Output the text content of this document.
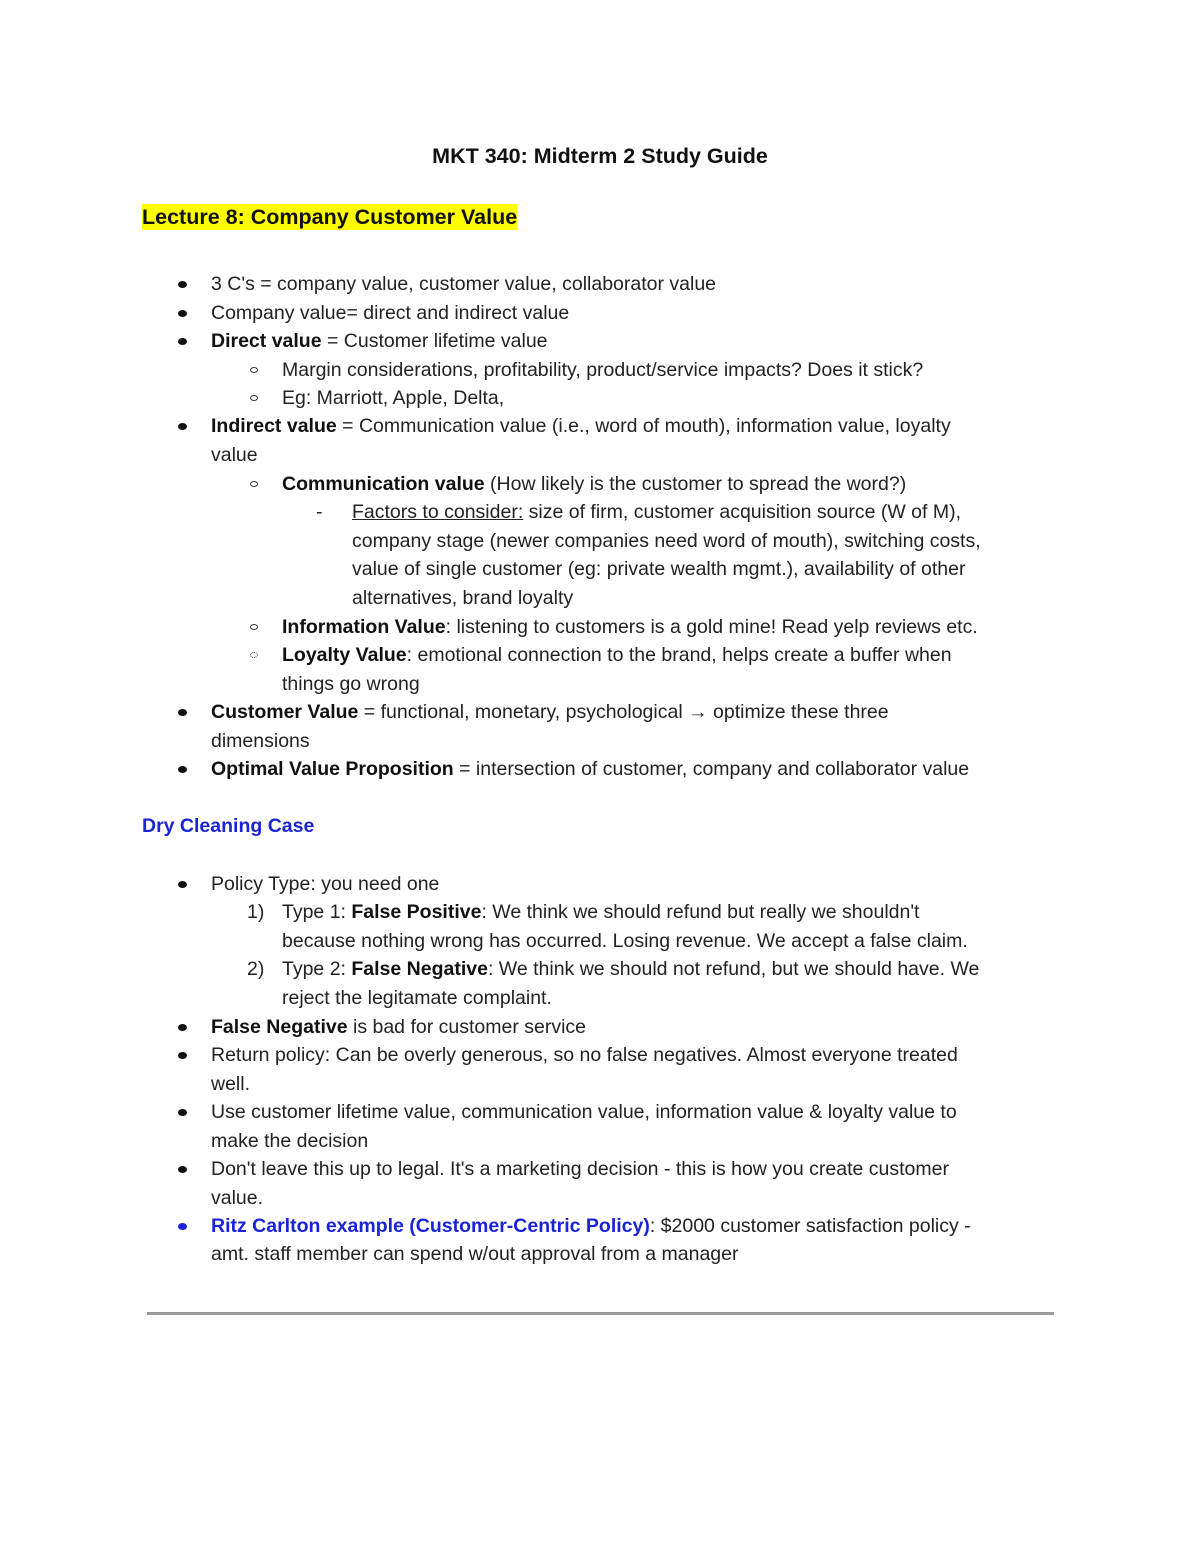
MKT 340: Midterm 2 Study Guide
Lecture 8: Company Customer Value
3 C's = company value, customer value, collaborator value
Company value= direct and indirect value
Direct value = Customer lifetime value
Margin considerations, profitability, product/service impacts? Does it stick?
Eg: Marriott, Apple, Delta,
Indirect value = Communication value (i.e., word of mouth), information value, loyalty
value
Communication value (How likely is the customer to spread the word?)
- Factors to consider: size of firm, customer acquisition source (W of M),
company stage (newer companies need word of mouth), switching costs,
value of single customer (eg: private wealth mgmt.), availability of other
alternatives, brand loyalty
Information Value: listening to customers is a gold mine! Read yelp reviews etc.
Loyalty Value: emotional connection to the brand, helps create a buffer when
things go wrong
Customer Value = functional, monetary, psychological → optimize these three
dimensions
Optimal Value Proposition = intersection of customer, company and collaborator value
Dry Cleaning Case
Policy Type: you need one
1) Type 1: False Positive: We think we should refund but really we shouldn't
because nothing wrong has occurred. Losing revenue. We accept a false claim.
2) Type 2: False Negative: We think we should not refund, but we should have. We
reject the legitamate complaint.
False Negative is bad for customer service
Return policy: Can be overly generous, so no false negatives. Almost everyone treated
well.
Use customer lifetime value, communication value, information value & loyalty value to
make the decision
Don't leave this up to legal. It's a marketing decision - this is how you create customer
value.
Ritz Carlton example (Customer-Centric Policy): $2000 customer satisfaction policy -
amt. staff member can spend w/out approval from a manager
